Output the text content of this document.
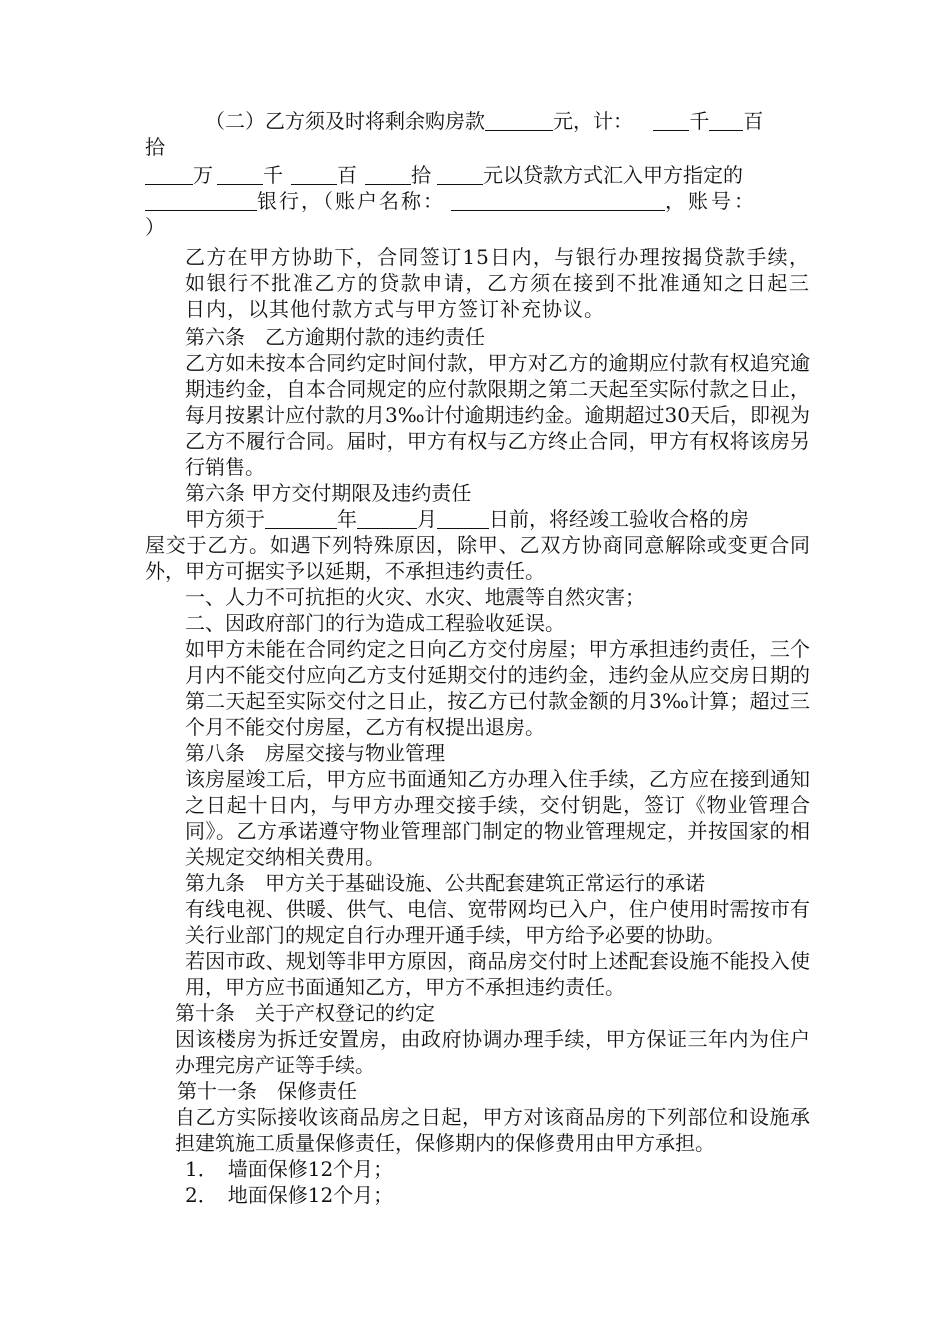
（二）乙方须及时将剩余购房款	元，计：	千 百

拾

万	千	百	拾	元以贷款方式汇入甲方指定的

银行，（账户名称：	，账号：

）

乙方在甲方协助下，合同签订15日内，与银行办理按揭贷款手续，如银行不批准乙方的贷款申请，乙方须在接到不批准通知之日起三日内，以其他付款方式与甲方签订补充协议。

第六条　乙方逾期付款的违约责任

乙方如未按本合同约定时间付款，甲方对乙方的逾期应付款有权追究逾期违约金，自本合同规定的应付款限期之第二天起至实际付款之日止，每月按累计应付款的月3‰计付逾期违约金。逾期超过30天后，即视为乙方不履行合同。届时，甲方有权与乙方终止合同，甲方有权将该房另行销售。

第六条 甲方交付期限及违约责任

甲方须于	年	月	日前，将经竣工验收合格的房

屋交于乙方。如遇下列特殊原因，除甲、乙双方协商同意解除或变更合同外，甲方可据实予以延期，不承担违约责任。

一、人力不可抗拒的火灾、水灾、地震等自然灾害；

二、因政府部门的行为造成工程验收延误。

如甲方未能在合同约定之日向乙方交付房屋；甲方承担违约责任，三个月内不能交付应向乙方支付延期交付的违约金，违约金从应交房日期的第二天起至实际交付之日止，按乙方已付款金额的月3‰计算；超过三个月不能交付房屋，乙方有权提出退房。

第八条　房屋交接与物业管理

该房屋竣工后，甲方应书面通知乙方办理入住手续，乙方应在接到通知之日起十日内，与甲方办理交接手续，交付钥匙，签订《物业管理合同》。乙方承诺遵守物业管理部门制定的物业管理规定，并按国家的相关规定交纳相关费用。

第九条　甲方关于基础设施、公共配套建筑正常运行的承诺

有线电视、供暖、供气、电信、宽带网均已入户，住户使用时需按市有关行业部门的规定自行办理开通手续，甲方给予必要的协助。

若因市政、规划等非甲方原因，商品房交付时上述配套设施不能投入使用，甲方应书面通知乙方，甲方不承担违约责任。

第十条　关于产权登记的约定

因该楼房为拆迁安置房，由政府协调办理手续，甲方保证三年内为住户办理完房产证等手续。

第十一条　保修责任

自乙方实际接收该商品房之日起，甲方对该商品房的下列部位和设施承担建筑施工质量保修责任，保修期内的保修费用由甲方承担。

1．　墙面保修12个月；

2．　地面保修12个月；
